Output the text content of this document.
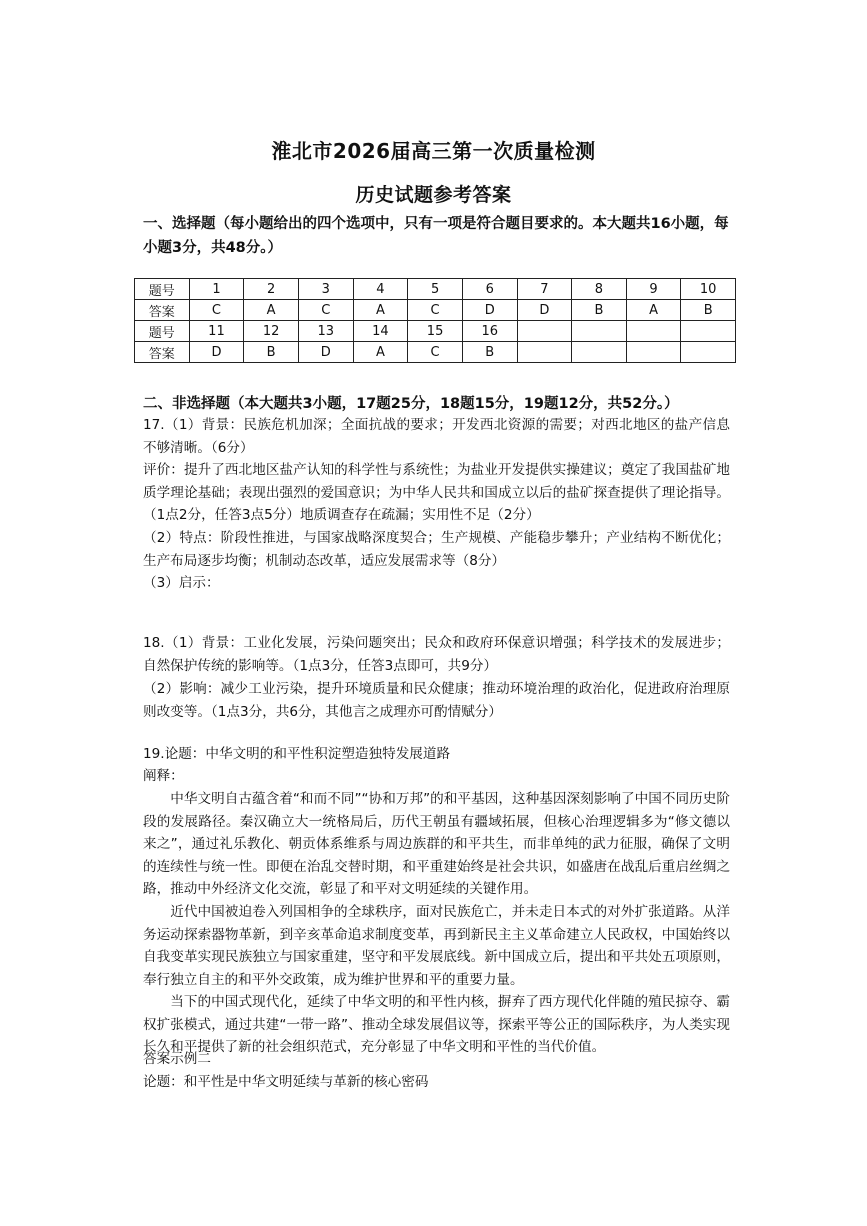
淮北市2026届高三第一次质量检测
历史试题参考答案
一、选择题（每小题给出的四个选项中，只有一项是符合题目要求的。本大题共16小题，每小题3分，共48分。）
题号	1	2	3	4	5	6	7	8	9	10
答案	C	A	C	A	C	D	D	B	A	B
题号	11	12	13	14	15	16				
答案	D	B	D	A	C	B				
二、非选择题（本大题共3小题，17题25分，18题15分，19题12分，共52分。）
17.（1）背景：民族危机加深；全面抗战的要求；开发西北资源的需要；对西北地区的盐产信息不够清晰。（6分）
评价：提升了西北地区盐产认知的科学性与系统性；为盐业开发提供实操建议；奠定了我国盐矿地质学理论基础；表现出强烈的爱国意识；为中华人民共和国成立以后的盐矿探查提供了理论指导。（1点2分，任答3点5分）地质调查存在疏漏；实用性不足（2分）
（2）特点：阶段性推进，与国家战略深度契合；生产规模、产能稳步攀升；产业结构不断优化；生产布局逐步均衡；机制动态改革，适应发展需求等（8分）
（3）启示：
18.（1）背景：工业化发展，污染问题突出；民众和政府环保意识增强；科学技术的发展进步；自然保护传统的影响等。（1点3分，任答3点即可，共9分）
（2）影响：减少工业污染，提升环境质量和民众健康；推动环境治理的政治化，促进政府治理原则改变等。（1点3分，共6分，其他言之成理亦可酌情赋分）
19.论题：中华文明的和平性积淀塑造独特发展道路
阐释：
中华文明自古蕴含着“和而不同”“协和万邦”的和平基因，这种基因深刻影响了中国不同历史阶段的发展路径。秦汉确立大一统格局后，历代王朝虽有疆域拓展，但核心治理逻辑多为“修文德以来之”，通过礼乐教化、朝贡体系维系与周边族群的和平共生，而非单纯的武力征服，确保了文明的连续性与统一性。即便在治乱交替时期，和平重建始终是社会共识，如盛唐在战乱后重启丝绸之路，推动中外经济文化交流，彰显了和平对文明延续的关键作用。
近代中国被迫卷入列国相争的全球秩序，面对民族危亡，并未走日本式的对外扩张道路。从洋务运动探索器物革新，到辛亥革命追求制度变革，再到新民主主义革命建立人民政权，中国始终以自我变革实现民族独立与国家重建，坚守和平发展底线。新中国成立后，提出和平共处五项原则，奉行独立自主的和平外交政策，成为维护世界和平的重要力量。
当下的中国式现代化，延续了中华文明的和平性内核，摒弃了西方现代化伴随的殖民掠夺、霸权扩张模式，通过共建“一带一路”、推动全球发展倡议等，探索平等公正的国际秩序，为人类实现长久和平提供了新的社会组织范式，充分彰显了中华文明和平性的当代价值。
答案示例二
论题：和平性是中华文明延续与革新的核心密码
